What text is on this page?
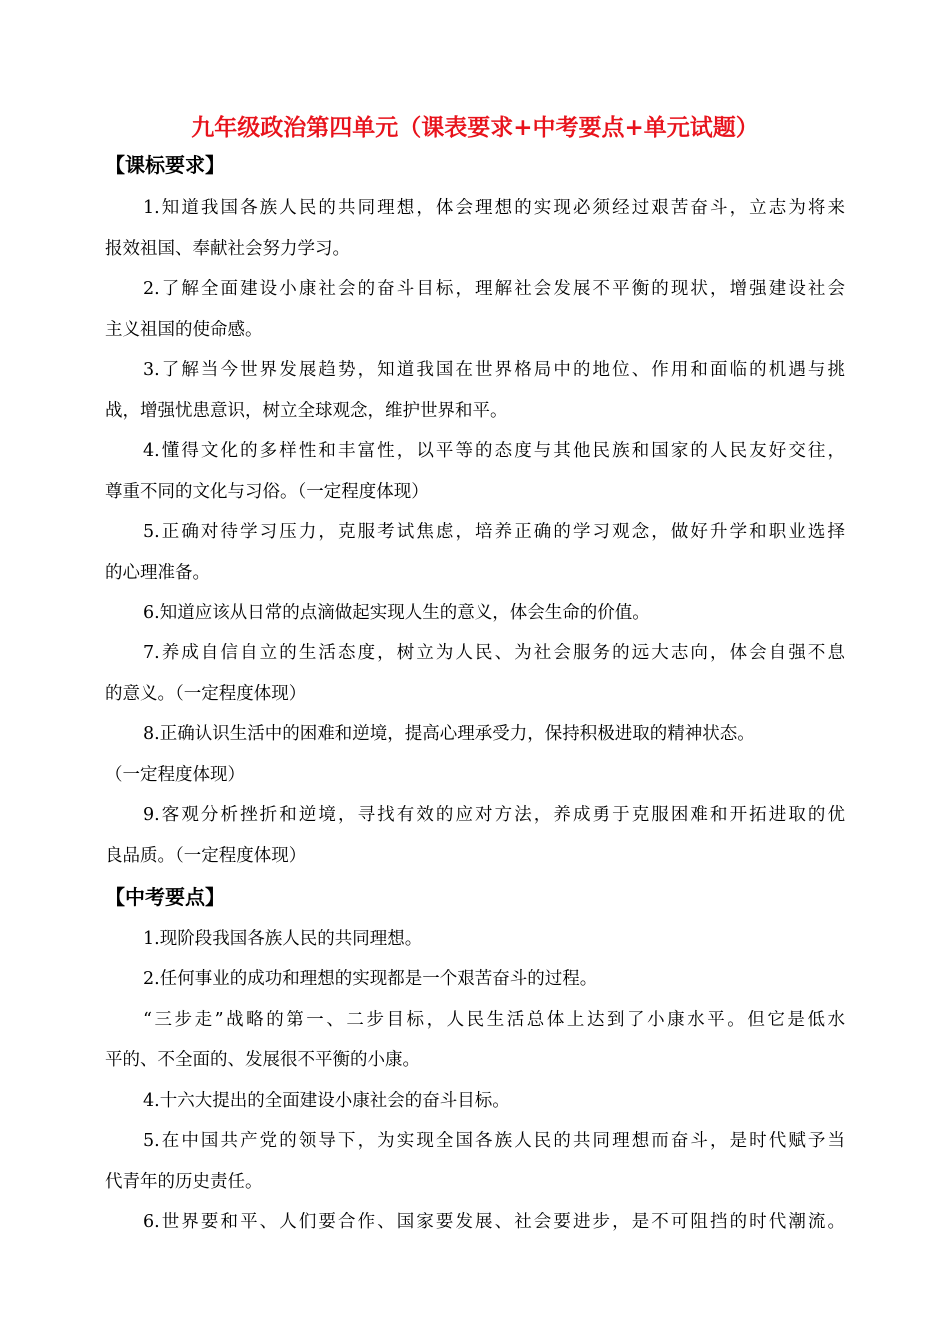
九年级政治第四单元（课表要求+中考要点+单元试题）
【课标要求】
1.知道我国各族人民的共同理想，体会理想的实现必须经过艰苦奋斗，立志为将来
报效祖国、奉献社会努力学习。
2.了解全面建设小康社会的奋斗目标，理解社会发展不平衡的现状，增强建设社会
主义祖国的使命感。
3.了解当今世界发展趋势，知道我国在世界格局中的地位、作用和面临的机遇与挑
战，增强忧患意识，树立全球观念，维护世界和平。
4.懂得文化的多样性和丰富性，以平等的态度与其他民族和国家的人民友好交往，
尊重不同的文化与习俗。（一定程度体现）
5.正确对待学习压力，克服考试焦虑，培养正确的学习观念，做好升学和职业选择
的心理准备。
6.知道应该从日常的点滴做起实现人生的意义，体会生命的价值。
7.养成自信自立的生活态度，树立为人民、为社会服务的远大志向，体会自强不息
的意义。（一定程度体现）
8.正确认识生活中的困难和逆境，提高心理承受力，保持积极进取的精神状态。
（一定程度体现）
9.客观分析挫折和逆境，寻找有效的应对方法，养成勇于克服困难和开拓进取的优
良品质。（一定程度体现）
【中考要点】
1.现阶段我国各族人民的共同理想。
2.任何事业的成功和理想的实现都是一个艰苦奋斗的过程。
“三步走”战略的第一、二步目标，人民生活总体上达到了小康水平。但它是低水
平的、不全面的、发展很不平衡的小康。
4.十六大提出的全面建设小康社会的奋斗目标。
5.在中国共产党的领导下，为实现全国各族人民的共同理想而奋斗，是时代赋予当
代青年的历史责任。
6.世界要和平、人们要合作、国家要发展、社会要进步，是不可阻挡的时代潮流。
